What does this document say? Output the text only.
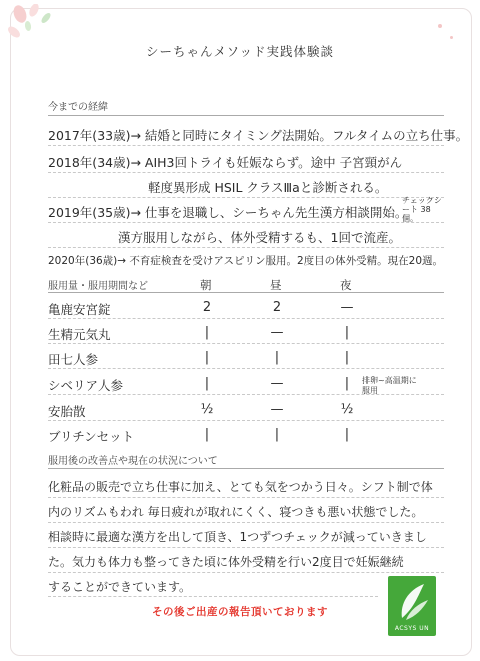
シーちゃんメソッド実践体験談
今までの経緯
2017年(33歳)→ 結婚と同時にタイミング法開始。フルタイムの立ち仕事。
2018年(34歳)→ AIH3回トライも妊娠ならず。途中 子宮頸がん
軽度異形成 HSIL クラスⅢaと診断される。
2019年(35歳)→ 仕事を退職し、シーちゃん先生漢方相談開始。
チェックシート 38個。
漢方服用しながら、体外受精するも、1回で流産。
2020年(36歳)→ 不育症検査を受けアスピリン服用。2度目の体外受精。現在20週。
服用量・服用期間など	朝	昼	夜
亀鹿安宮錠	2	2	—
生精元気丸	|	—	|
田七人参	|	|	|
シベリア人参	|	—	|	排卵~高温期に服用
安胎散	½	—	½
ブリチンセット	|	|	|
服用後の改善点や現在の状況について
化粧品の販売で立ち仕事に加え、とても気をつかう日々。シフト制で体
内のリズムもわれ 毎日疲れが取れにくく、寝つきも悪い状態でした。
相談時に最適な漢方を出して頂き、1つずつチェックが減っていきまし
た。気力も体力も整ってきた頃に体外受精を行い2度目で妊娠継続
することができています。
その後ご出産の報告頂いております
ACSYS UN
